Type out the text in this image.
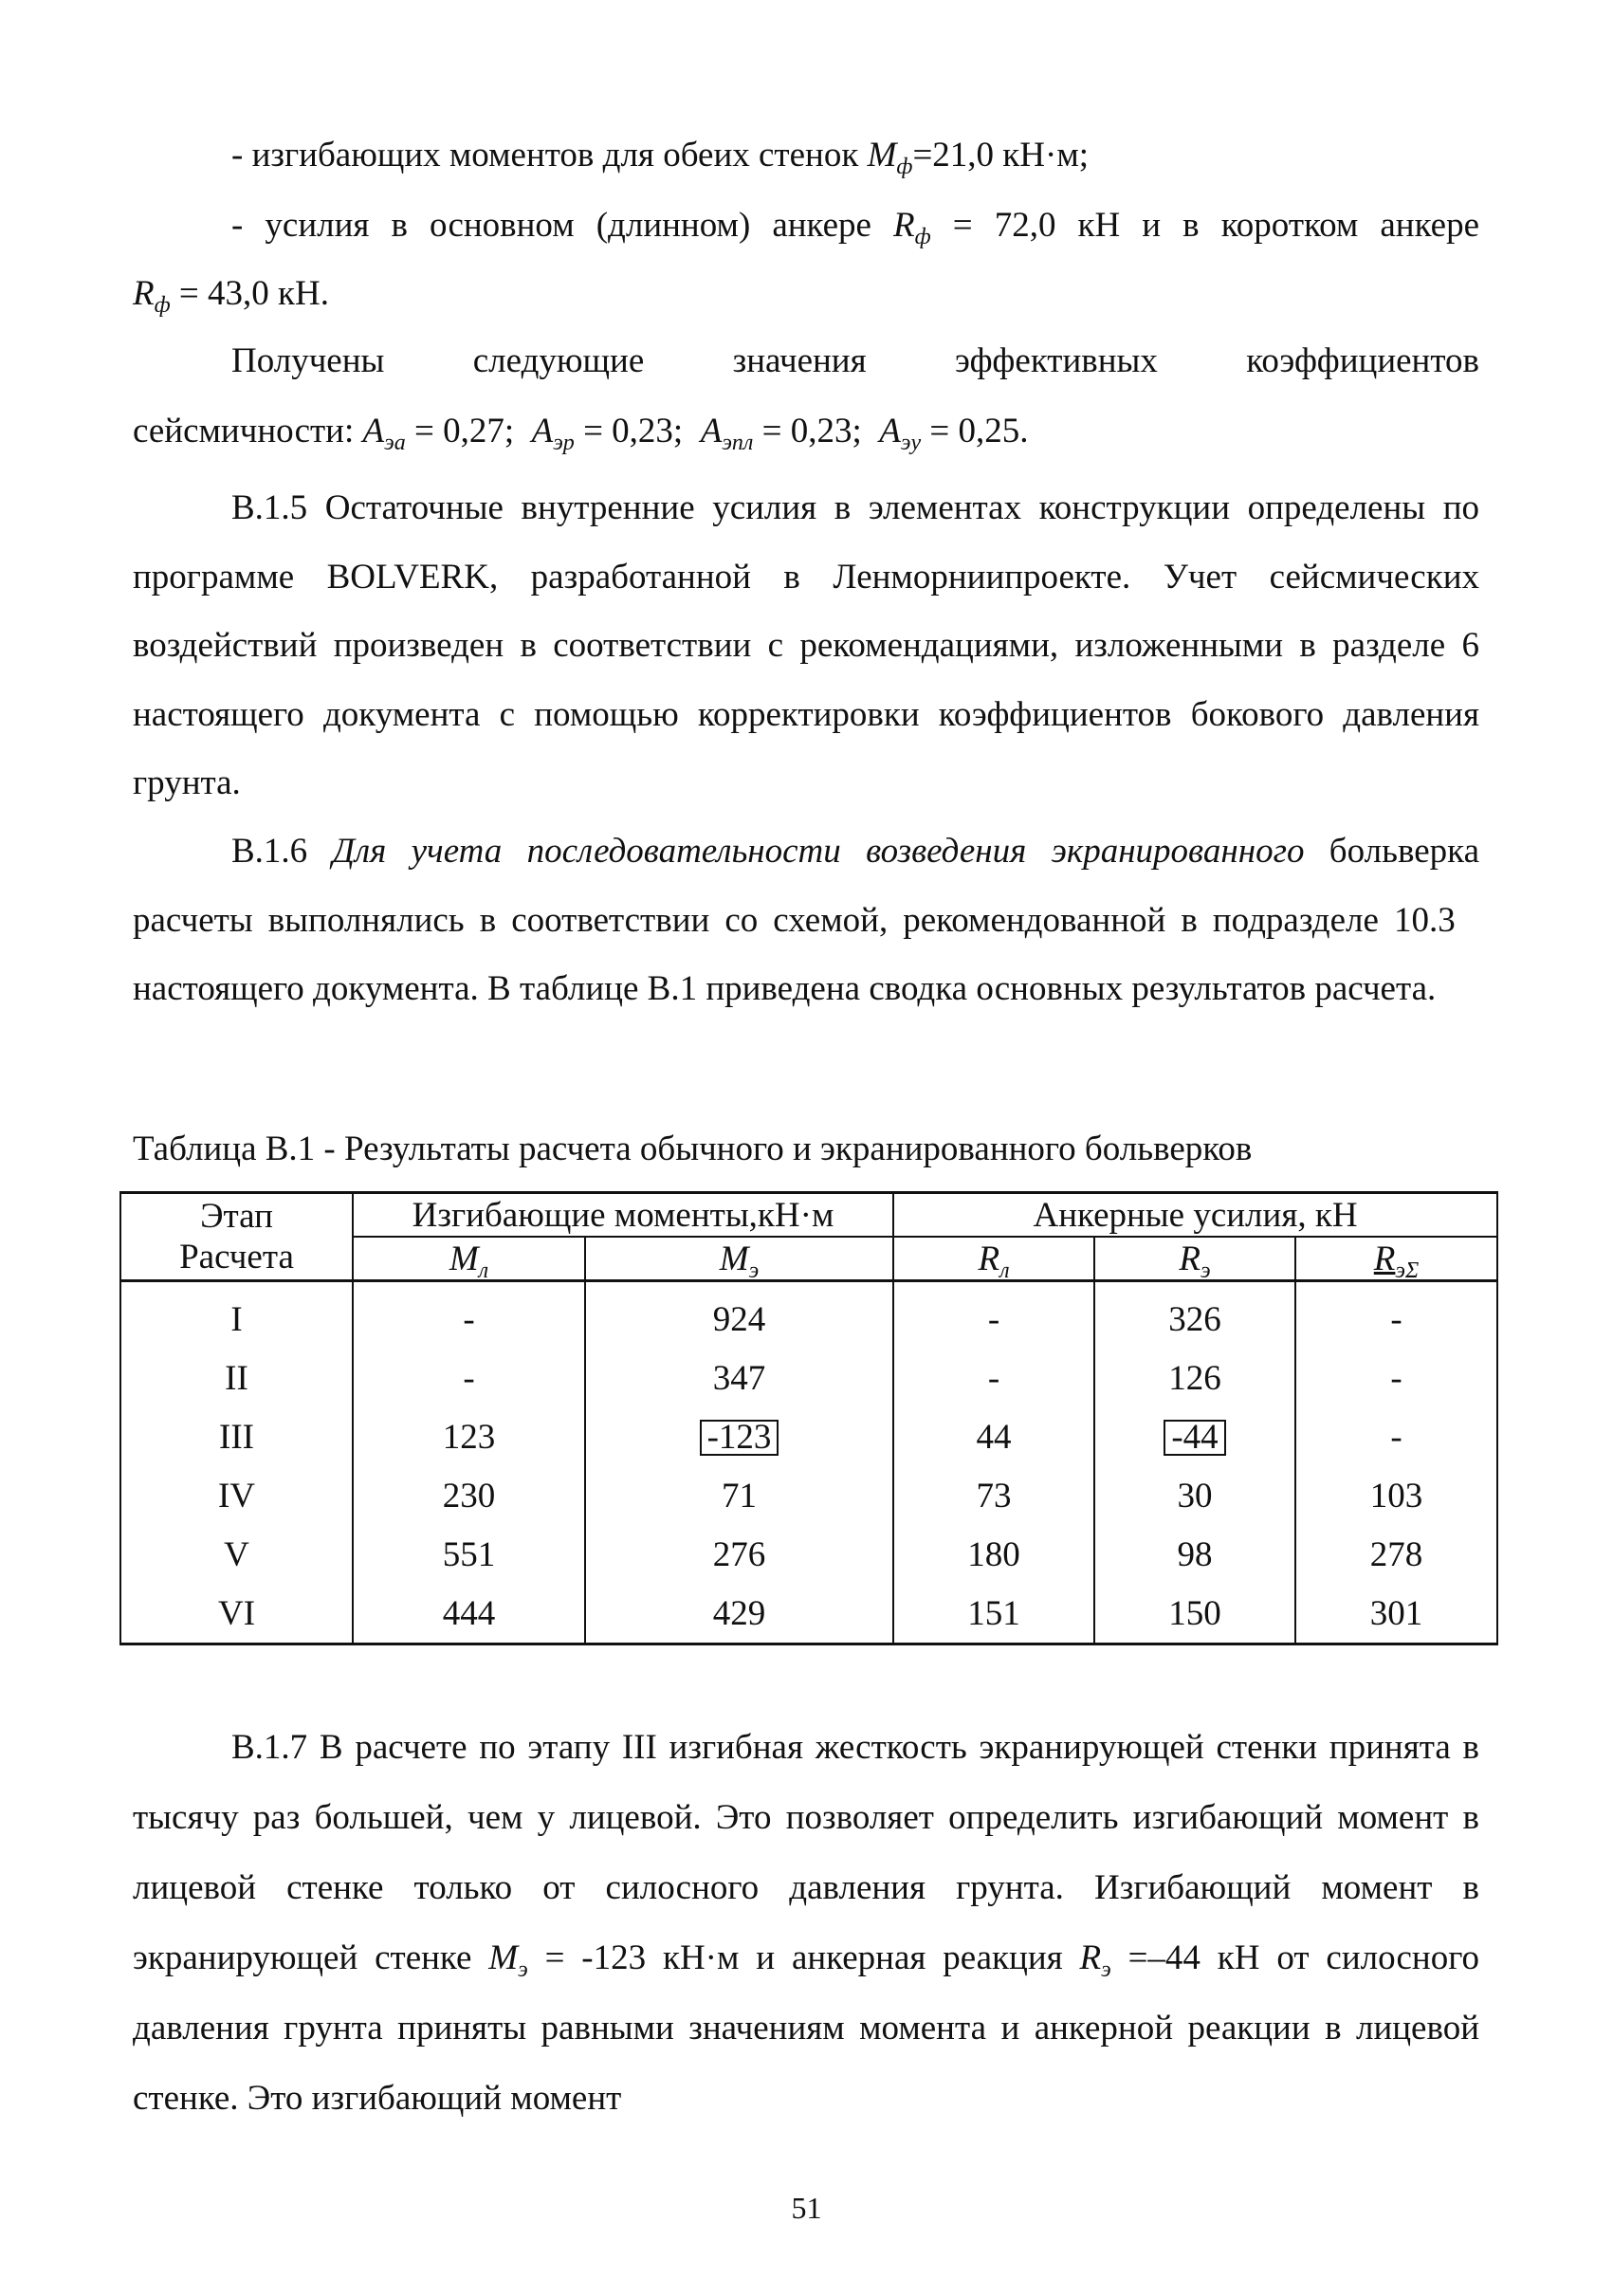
- изгибающих моментов для обеих стенок $М_ф=21,0$ кН·м;

- усилия в основном (длинном) анкере $R_ф = 72,0$ кН и в коротком анкере
$R_ф = 43,0$ кН.

Получены следующие значения эффективных коэффициентов
сейсмичности: $А_{эа} = 0,27$;  $А_{эр} = 0,23$;  $А_{эпл} = 0,23$;  $А_{эу} = 0,25$.

В.1.5 Остаточные внутренние усилия в элементах конструкции определены по программе BOLVERK, разработанной в Ленморниипроекте. Учет сейсмических воздействий произведен в соответствии с рекомендациями, изложенными в разделе 6 настоящего документа с помощью корректировки коэффициентов бокового давления грунта.

В.1.6 Для учета последовательности возведения экранированного больверка расчеты выполнялись в соответствии со схемой, рекомендованной в подразделе 10.3   настоящего документа. В таблице В.1 приведена сводка основных результатов расчета.

Таблица В.1 - Результаты расчета обычного и экранированного больверков

Этап
Расчета	Изгибающие моменты,кН·м		Анкерные усилия, кН		
	$М_л$	$М_э$	$R_л$	$R_э$	$R_{э\Sigma}$
I	-	924	-	326	-
II	-	347	-	126	-
III	123	-123	44	-44	-
IV	230	71	73	30	103
V	551	276	180	98	278
VI	444	429	151	150	301

В.1.7 В расчете по этапу III изгибная жесткость экранирующей стенки принята в тысячу раз большей, чем у лицевой. Это позволяет определить изгибающий момент в лицевой стенке только от силосного давления грунта. Изгибающий момент в экранирующей стенке $М_э = -123$ кН·м и анкерная реакция $R_э =-44$ кН от силосного давления грунта приняты равными значениям момента и анкерной реакции в лицевой стенке. Это изгибающий момент

51
